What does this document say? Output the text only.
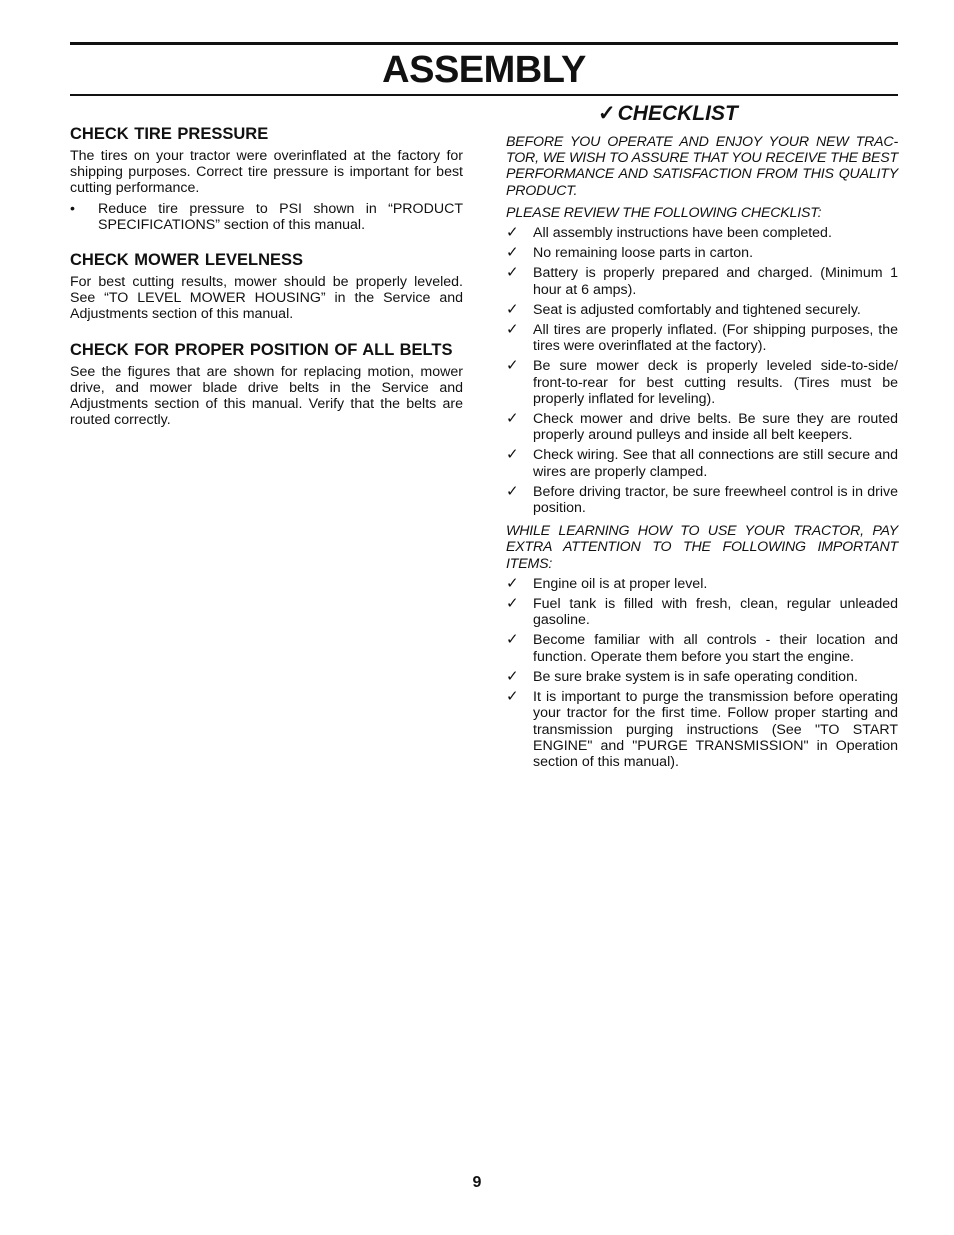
ASSEMBLY
CHECK TIRE PRESSURE

The tires on your tractor were overinflated at the factory for shipping purposes. Correct tire pressure is important for best cutting performance.

• Reduce tire pressure to PSI shown in “PRODUCT SPECIFICATIONS” section of this manual.
CHECK MOWER LEVELNESS

For best cutting results, mower should be properly leveled. See “TO LEVEL MOWER HOUSING” in the Service and Adjustments section of this manual.

CHECK FOR PROPER POSITION OF ALL BELTS

See the figures that are shown for replacing motion, mower drive, and mower blade drive belts in the Service and Adjustments section of this manual. Verify that the belts are routed correctly.

✓CHECKLIST

BEFORE YOU OPERATE AND ENJOY YOUR NEW TRAC-TOR, WE WISH TO ASSURE THAT YOU RECEIVE THE BEST PERFORMANCE AND SATISFACTION FROM THIS QUALITY PRODUCT.

PLEASE REVIEW THE FOLLOWING CHECKLIST:

✓ All assembly instructions have been completed.
✓ No remaining loose parts in carton.
✓ Battery is properly prepared and charged. (Minimum 1 hour at 6 amps).
✓ Seat is adjusted comfortably and tightened securely.
✓ All tires are properly inflated. (For shipping purposes, the tires were overinflated at the factory).
✓ Be sure mower deck is properly leveled side-to-side/ front-to-rear for best cutting results. (Tires must be properly inflated for leveling).
✓ Check mower and drive belts. Be sure they are routed properly around pulleys and inside all belt keepers.
✓ Check wiring. See that all connections are still secure and wires are properly clamped.
✓ Before driving tractor, be sure freewheel control is in drive position.

WHILE LEARNING HOW TO USE YOUR TRACTOR, PAY EXTRA ATTENTION TO THE FOLLOWING IMPORTANT ITEMS:

✓ Engine oil is at proper level.
✓ Fuel tank is filled with fresh, clean, regular unleaded gasoline.
✓ Become familiar with all controls - their location and function. Operate them before you start the engine.
✓ Be sure brake system is in safe operating condition.
✓ It is important to purge the transmission before operating your tractor for the first time. Follow proper starting and transmission purging instructions (See "TO START ENGINE" and "PURGE TRANSMISSION" in Operation section of this manual).
9
